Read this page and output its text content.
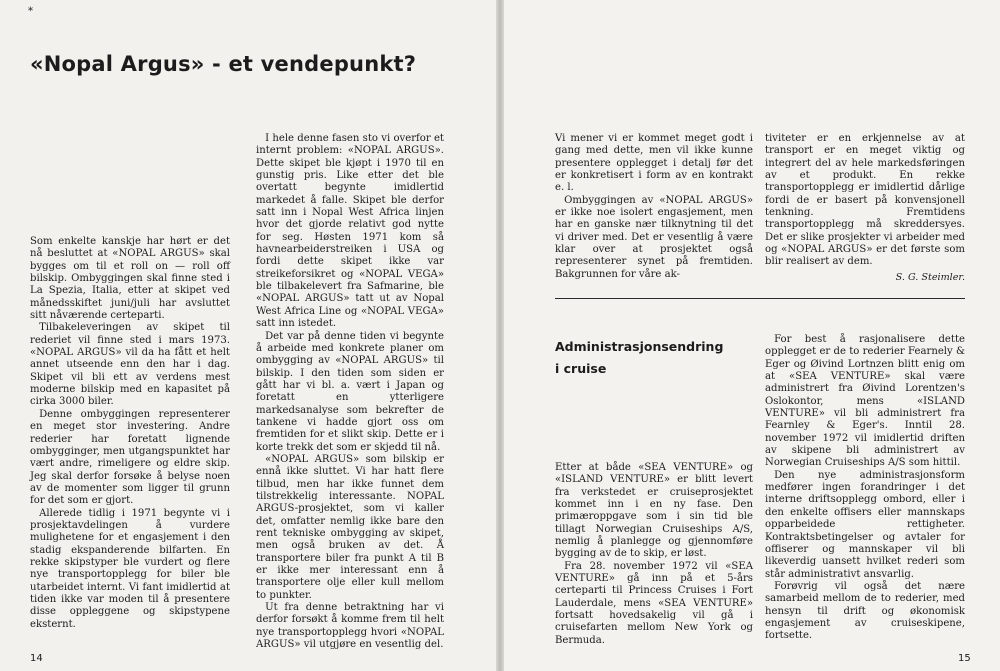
*
«Nopal Argus» - et vendepunkt?

Som enkelte kanskje har hørt er det nå besluttet at «NOPAL ARGUS» skal bygges om til et roll on — roll off bilskip. Ombyggingen skal finne sted i La Spezia, Italia, etter at skipet ved månedsskiftet juni/juli har avsluttet sitt nåværende certeparti.

Tilbakeleveringen av skipet til rederiet vil finne sted i mars 1973. «NOPAL ARGUS» vil da ha fått et helt annet utseende enn den har i dag. Skipet vil bli ett av verdens mest moderne bilskip med en kapasitet på cirka 3000 biler.

Denne ombyggingen representerer en meget stor investering. Andre rederier har foretatt lignende ombygginger, men utgangspunktet har vært andre, rimeligere og eldre skip. Jeg skal derfor forsøke å belyse noen av de momenter som ligger til grunn for det som er gjort.

Allerede tidlig i 1971 begynte vi i prosjektavdelingen å vurdere mulighetene for et engasjement i den stadig ekspanderende bilfarten. En rekke skipstyper ble vurdert og flere nye transportopplegg for biler ble utarbeidet internt. Vi fant imidlertid at tiden ikke var moden til å presentere disse oppleggene og skipstypene eksternt.

I hele denne fasen sto vi overfor et internt problem: «NOPAL ARGUS». Dette skipet ble kjøpt i 1970 til en gunstig pris. Like etter det ble overtatt begynte imidlertid markedet å falle. Skipet ble derfor satt inn i Nopal West Africa linjen hvor det gjorde relativt god nytte for seg. Høsten 1971 kom så havnearbeiderstreiken i USA og fordi dette skipet ikke var streikeforsikret og «NOPAL VEGA» ble tilbakelevert fra Safmarine, ble «NOPAL ARGUS» tatt ut av Nopal West Africa Line og «NOPAL VEGA» satt inn istedet.

Det var på denne tiden vi begynte å arbeide med konkrete planer om ombygging av «NOPAL ARGUS» til bilskip. I den tiden som siden er gått har vi bl. a. vært i Japan og foretatt en ytterligere markedsanalyse som bekrefter de tankene vi hadde gjort oss om fremtiden for et slikt skip. Dette er i korte trekk det som er skjedd til nå.

«NOPAL ARGUS» som bilskip er ennå ikke sluttet. Vi har hatt flere tilbud, men har ikke funnet dem tilstrekkelig interessante. NOPAL ARGUS-prosjektet, som vi kaller det, omfatter nemlig ikke bare den rent tekniske ombygging av skipet, men også bruken av det. Å transportere biler fra punkt A til B er ikke mer interessant enn å transportere olje eller kull mellom to punkter.

Ut fra denne betraktning har vi derfor forsøkt å komme frem til helt nye transportopplegg hvori «NOPAL ARGUS» vil utgjøre en vesentlig del.

14

Vi mener vi er kommet meget godt i gang med dette, men vil ikke kunne presentere opplegget i detalj før det er konkretisert i form av en kontrakt e. l.

Ombyggingen av «NOPAL ARGUS» er ikke noe isolert engasjement, men har en ganske nær tilknytning til det vi driver med. Det er vesentlig å være klar over at prosjektet også representerer synet på fremtiden. Bakgrunnen for våre ak-

tiviteter er en erkjennelse av at transport er en meget viktig og integrert del av hele markedsføringen av et produkt. En rekke transportopplegg er imidlertid dårlige fordi de er basert på konvensjonell tenkning. Fremtidens transportopplegg må skreddersyes. Det er slike prosjekter vi arbeider med og «NOPAL ARGUS» er det første som blir realisert av dem.

S. G. Steimler.
Administrasjonsendring
i cruise

Etter at både «SEA VENTURE» og «ISLAND VENTURE» er blitt levert fra verkstedet er cruiseprosjektet kommet inn i en ny fase. Den primæroppgave som i sin tid ble tillagt Norwegian Cruiseships A/S, nemlig å planlegge og gjennomføre bygging av de to skip, er løst.

Fra 28. november 1972 vil «SEA VENTURE» gå inn på et 5-års certeparti til Princess Cruises i Fort Lauderdale, mens «SEA VENTURE» fortsatt hovedsakelig vil gå i cruisefarten mellom New York og Bermuda.

For best å rasjonalisere dette opplegget er de to rederier Fearnely & Eger og Øivind Lortnzen blitt enig om at «SEA VENTURE» skal være administrert fra Øivind Lorentzen's Oslokontor, mens «ISLAND VENTURE» vil bli administrert fra Fearnley & Eger's. Inntil 28. november 1972 vil imidlertid driften av skipene bli administrert av Norwegian Cruiseships A/S som hittil.

Den nye administrasjonsform medfører ingen forandringer i det interne driftsopplegg ombord, eller i den enkelte offisers eller mannskaps opparbeidede rettigheter. Kontraktsbetingelser og avtaler for offiserer og mannskaper vil bli likeverdig uansett hvilket rederi som står administrativt ansvarlig.

Forøvrig vil også det nære samarbeid mellom de to rederier, med hensyn til drift og økonomisk engasjement av cruiseskipene, fortsette.

15
